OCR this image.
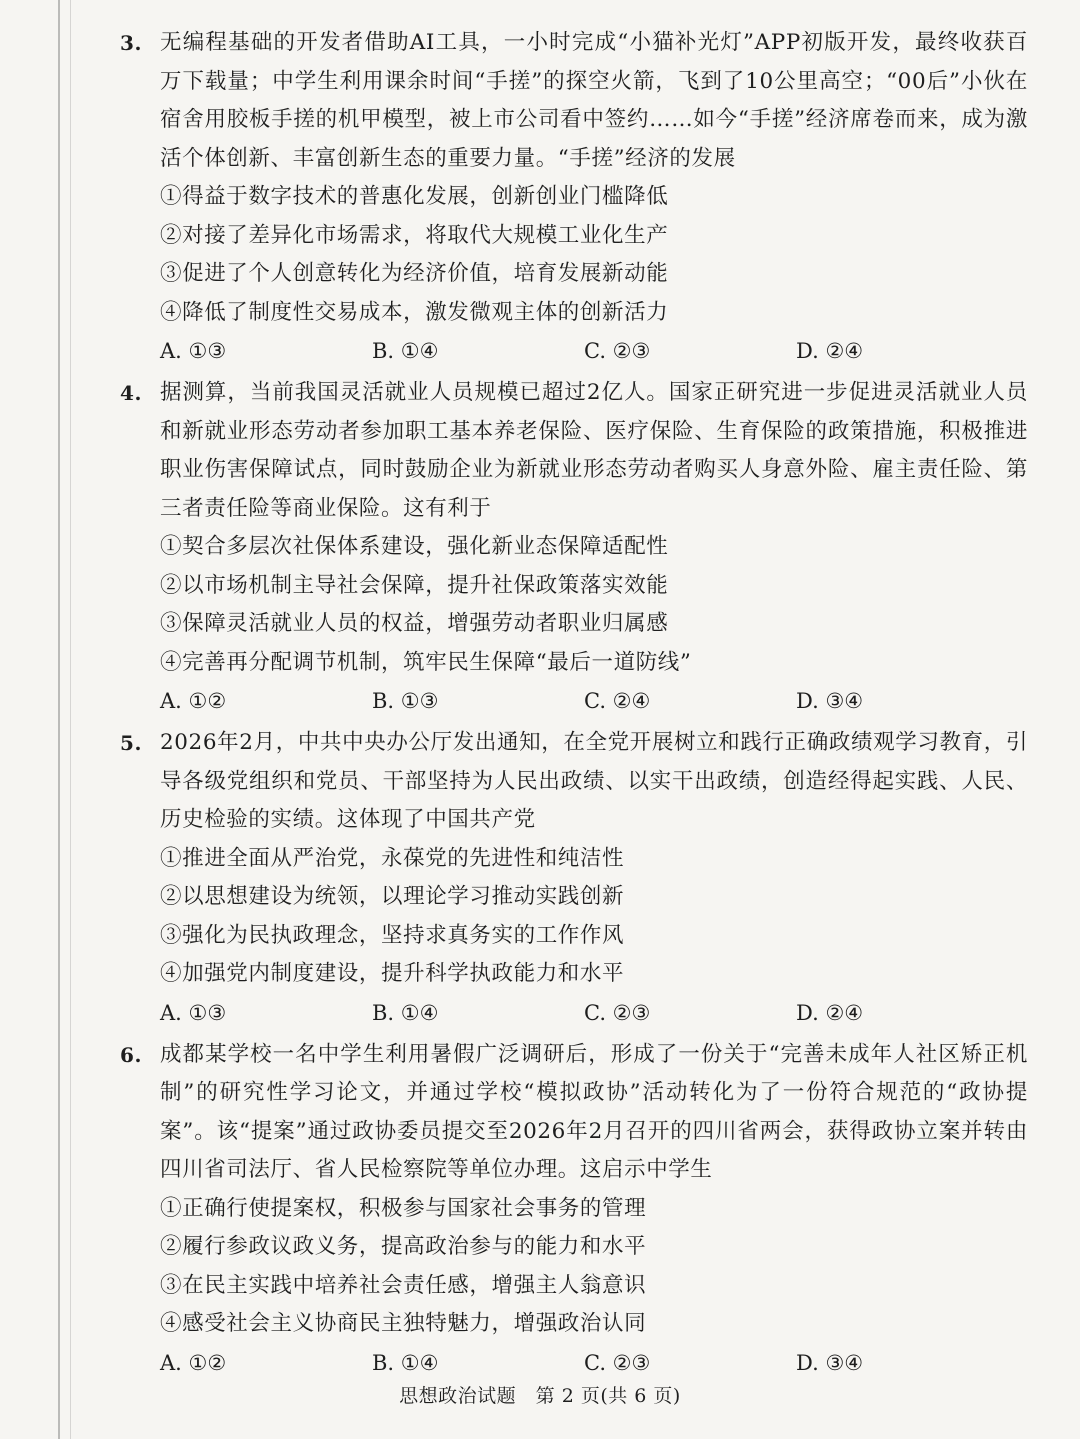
3. 无编程基础的开发者借助AI工具，一小时完成“小猫补光灯”APP初版开发，最终收获百万下载量；中学生利用课余时间“手搓”的探空火箭，飞到了10公里高空；“00后”小伙在宿舍用胶板手搓的机甲模型，被上市公司看中签约……如今“手搓”经济席卷而来，成为激活个体创新、丰富创新生态的重要力量。“手搓”经济的发展
①得益于数字技术的普惠化发展，创新创业门槛降低
②对接了差异化市场需求，将取代大规模工业化生产
③促进了个人创意转化为经济价值，培育发展新动能
④降低了制度性交易成本，激发微观主体的创新活力
A. ①③	B. ①④	C. ②③	D. ②④
4. 据测算，当前我国灵活就业人员规模已超过2亿人。国家正研究进一步促进灵活就业人员和新就业形态劳动者参加职工基本养老保险、医疗保险、生育保险的政策措施，积极推进职业伤害保障试点，同时鼓励企业为新就业形态劳动者购买人身意外险、雇主责任险、第三者责任险等商业保险。这有利于
①契合多层次社保体系建设，强化新业态保障适配性
②以市场机制主导社会保障，提升社保政策落实效能
③保障灵活就业人员的权益，增强劳动者职业归属感
④完善再分配调节机制，筑牢民生保障“最后一道防线”
A. ①②	B. ①③	C. ②④	D. ③④
5. 2026年2月，中共中央办公厅发出通知，在全党开展树立和践行正确政绩观学习教育，引导各级党组织和党员、干部坚持为人民出政绩、以实干出政绩，创造经得起实践、人民、历史检验的实绩。这体现了中国共产党
①推进全面从严治党，永葆党的先进性和纯洁性
②以思想建设为统领，以理论学习推动实践创新
③强化为民执政理念，坚持求真务实的工作作风
④加强党内制度建设，提升科学执政能力和水平
A. ①③	B. ①④	C. ②③	D. ②④
6. 成都某学校一名中学生利用暑假广泛调研后，形成了一份关于“完善未成年人社区矫正机制”的研究性学习论文，并通过学校“模拟政协”活动转化为了一份符合规范的“政协提案”。该“提案”通过政协委员提交至2026年2月召开的四川省两会，获得政协立案并转由四川省司法厅、省人民检察院等单位办理。这启示中学生
①正确行使提案权，积极参与国家社会事务的管理
②履行参政议政义务，提高政治参与的能力和水平
③在民主实践中培养社会责任感，增强主人翁意识
④感受社会主义协商民主独特魅力，增强政治认同
A. ①②	B. ①④	C. ②③	D. ③④
思想政治试题　第 2 页(共 6 页)
